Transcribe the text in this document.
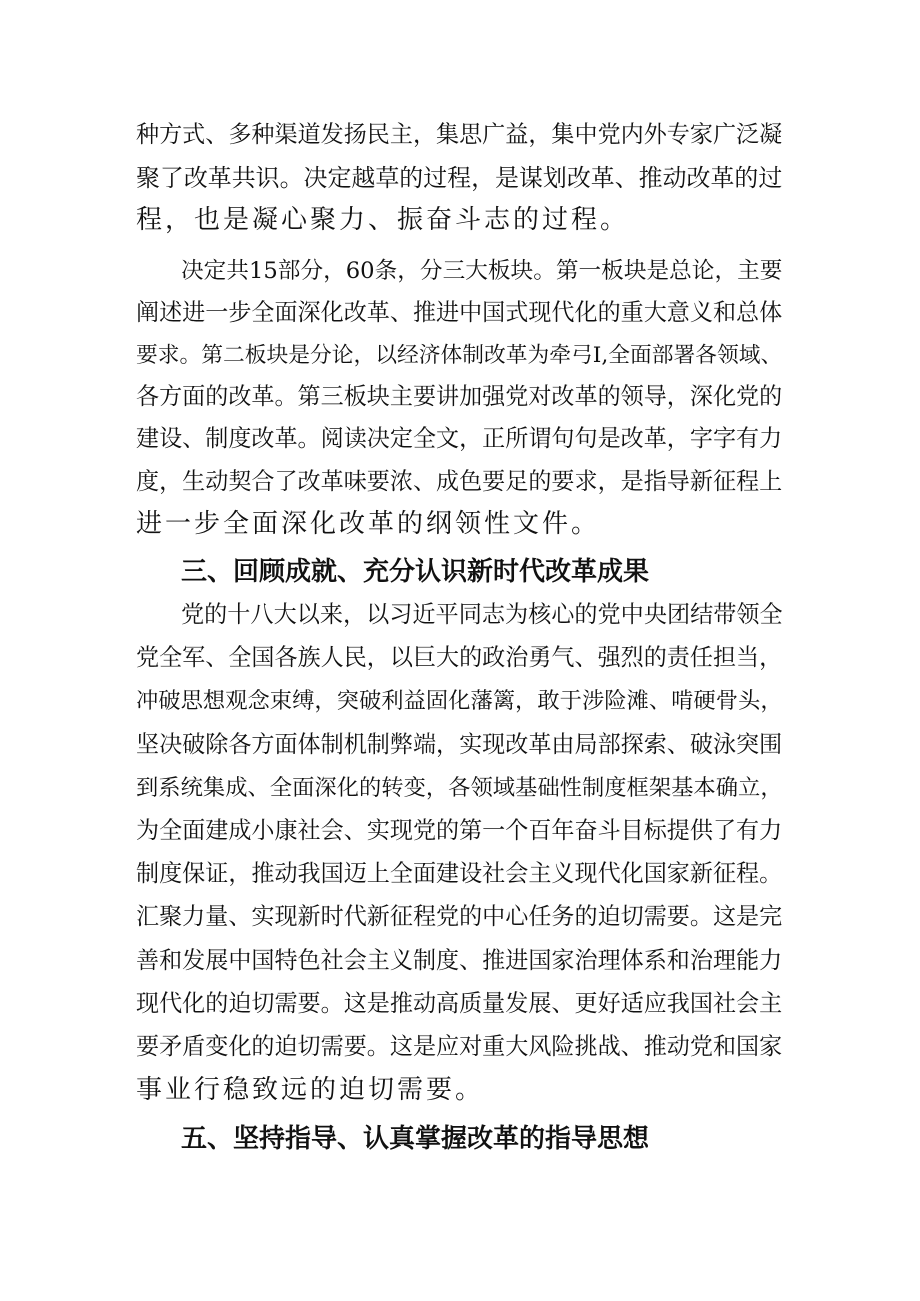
种方式、多种渠道发扬民主，集思广益，集中党内外专家广泛凝
聚了改革共识。决定越草的过程，是谋划改革、推动改革的过
程，也是凝心聚力、振奋斗志的过程。
决定共15部分，60条，分三大板块。第一板块是总论，主要
阐述进一步全面深化改革、推进中国式现代化的重大意义和总体
要求。第二板块是分论，以经济体制改革为牵弓I,全面部署各领域、
各方面的改革。第三板块主要讲加强党对改革的领导，深化党的
建设、制度改革。阅读决定全文，正所谓句句是改革，字字有力
度，生动契合了改革味要浓、成色要足的要求，是指导新征程上
进一步全面深化改革的纲领性文件。
三、回顾成就、充分认识新时代改革成果
党的十八大以来，以习近平同志为核心的党中央团结带领全
党全军、全国各族人民，以巨大的政治勇气、强烈的责任担当，
冲破思想观念束缚，突破利益固化藩篱，敢于涉险滩、啃硬骨头，
坚决破除各方面体制机制弊端，实现改革由局部探索、破泳突围
到系统集成、全面深化的转变，各领域基础性制度框架基本确立，
为全面建成小康社会、实现党的第一个百年奋斗目标提供了有力
制度保证，推动我国迈上全面建设社会主义现代化国家新征程。
汇聚力量、实现新时代新征程党的中心任务的迫切需要。这是完
善和发展中国特色社会主义制度、推进国家治理体系和治理能力
现代化的迫切需要。这是推动高质量发展、更好适应我国社会主
要矛盾变化的迫切需要。这是应对重大风险挑战、推动党和国家
事业行稳致远的迫切需要。
五、坚持指导、认真掌握改革的指导思想
